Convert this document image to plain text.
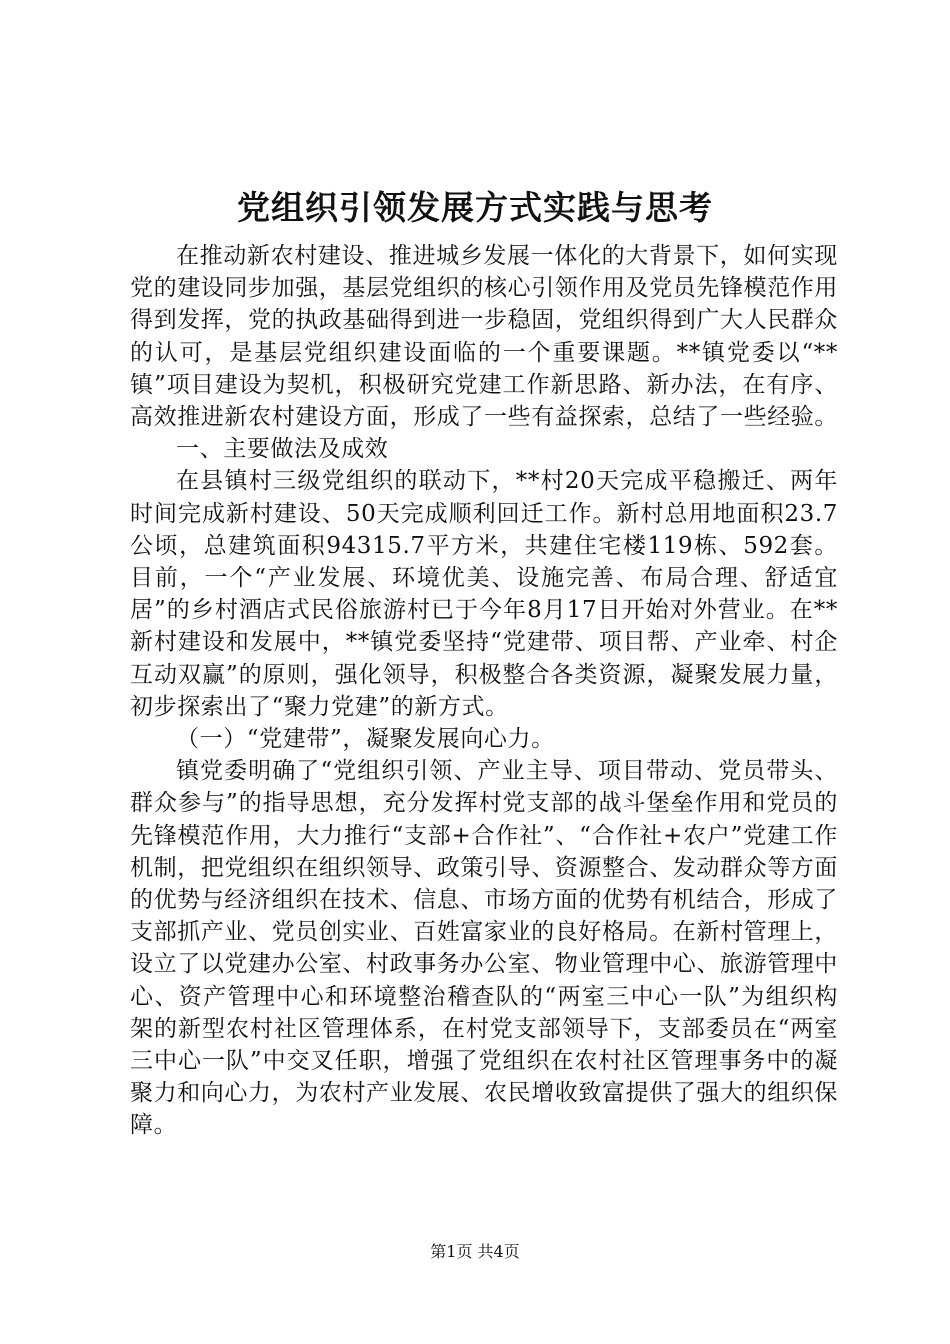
党组织引领发展方式实践与思考

在推动新农村建设、推进城乡发展一体化的大背景下，如何实现党的建设同步加强，基层党组织的核心引领作用及党员先锋模范作用得到发挥，党的执政基础得到进一步稳固，党组织得到广大人民群众的认可，是基层党组织建设面临的一个重要课题。**镇党委以“**镇”项目建设为契机，积极研究党建工作新思路、新办法，在有序、高效推进新农村建设方面，形成了一些有益探索，总结了一些经验。

一、主要做法及成效

在县镇村三级党组织的联动下，**村20天完成平稳搬迁、两年时间完成新村建设、50天完成顺利回迁工作。新村总用地面积23.7公顷，总建筑面积94315.7平方米，共建住宅楼119栋、592套。目前，一个“产业发展、环境优美、设施完善、布局合理、舒适宜居”的乡村酒店式民俗旅游村已于今年8月17日开始对外营业。在**新村建设和发展中，**镇党委坚持“党建带、项目帮、产业牵、村企互动双赢”的原则，强化领导，积极整合各类资源，凝聚发展力量，初步探索出了“聚力党建”的新方式。

（一）“党建带”，凝聚发展向心力。

镇党委明确了“党组织引领、产业主导、项目带动、党员带头、群众参与”的指导思想，充分发挥村党支部的战斗堡垒作用和党员的先锋模范作用，大力推行“支部+合作社”、“合作社+农户”党建工作机制，把党组织在组织领导、政策引导、资源整合、发动群众等方面的优势与经济组织在技术、信息、市场方面的优势有机结合，形成了支部抓产业、党员创实业、百姓富家业的良好格局。在新村管理上，设立了以党建办公室、村政事务办公室、物业管理中心、旅游管理中心、资产管理中心和环境整治稽查队的“两室三中心一队”为组织构架的新型农村社区管理体系，在村党支部领导下，支部委员在“两室三中心一队”中交叉任职，增强了党组织在农村社区管理事务中的凝聚力和向心力，为农村产业发展、农民增收致富提供了强大的组织保障。

第1页 共4页
